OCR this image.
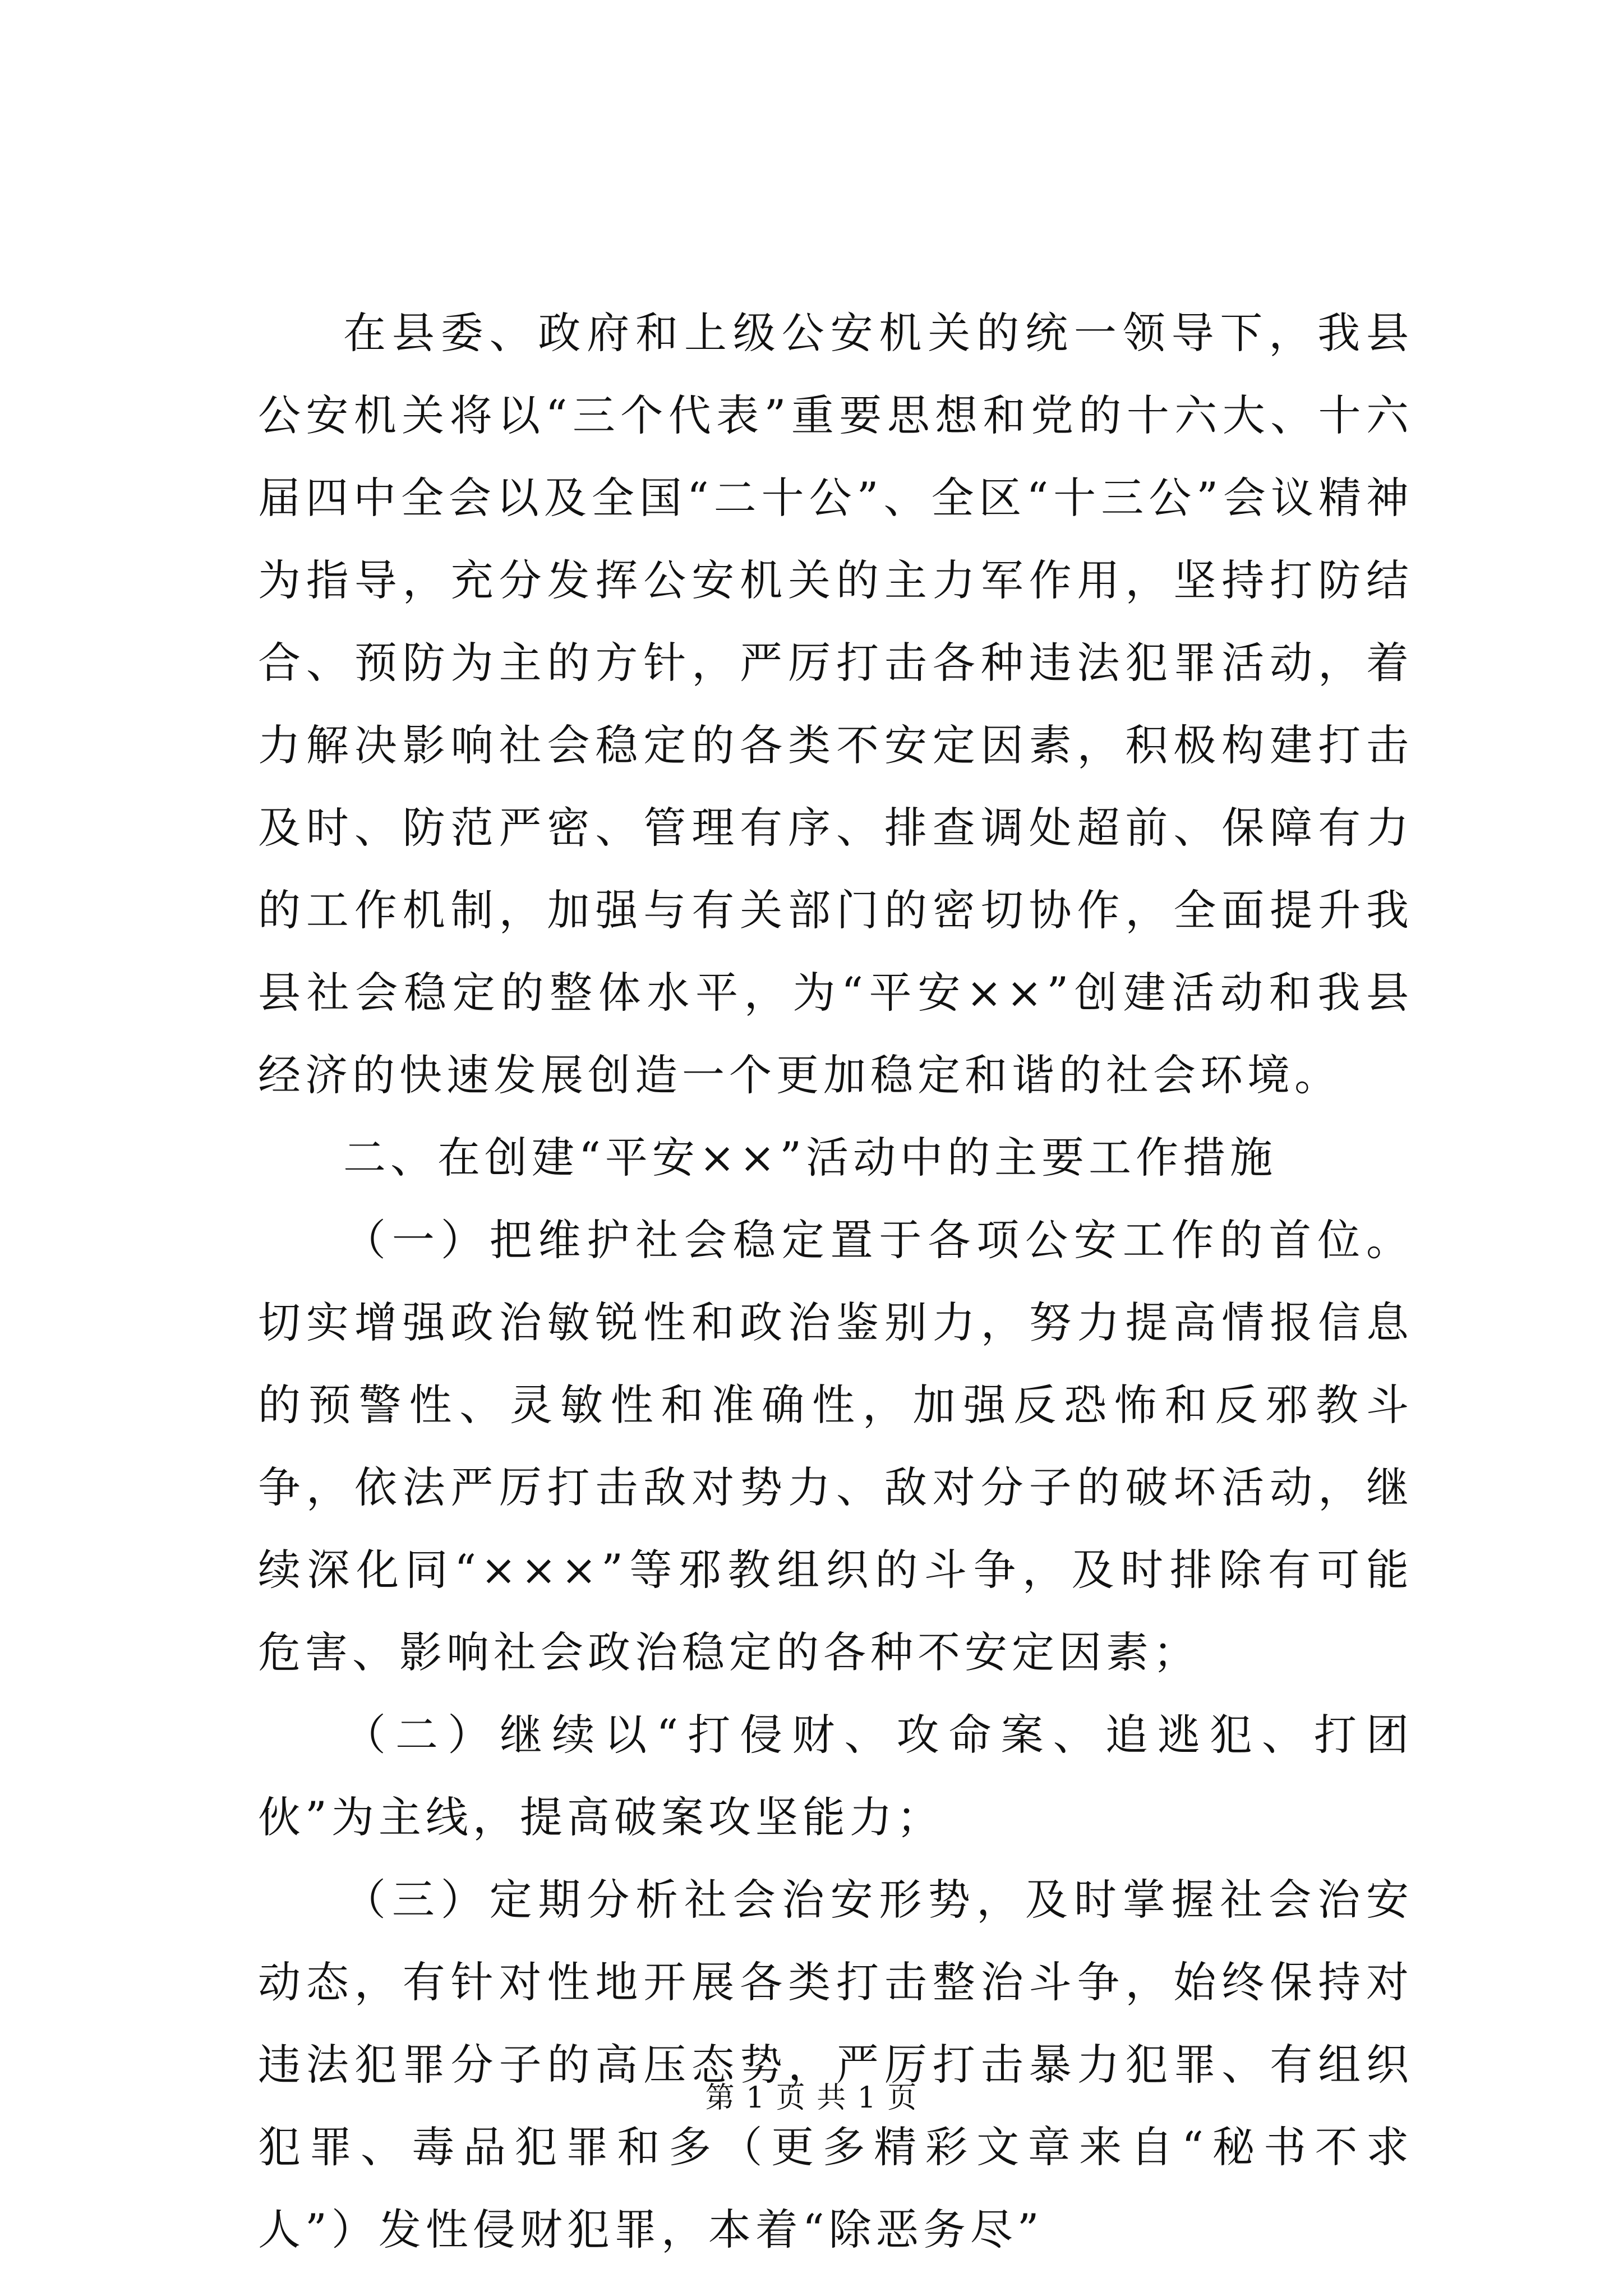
在县委、政府和上级公安机关的统一领导下，我县公安机关将以“三个代表”重要思想和党的十六大、十六届四中全会以及全国“二十公”、全区“十三公”会议精神为指导，充分发挥公安机关的主力军作用，坚持打防结合、预防为主的方针，严厉打击各种违法犯罪活动，着力解决影响社会稳定的各类不安定因素，积极构建打击及时、防范严密、管理有序、排查调处超前、保障有力的工作机制，加强与有关部门的密切协作，全面提升我县社会稳定的整体水平，为“平安××”创建活动和我县经济的快速发展创造一个更加稳定和谐的社会环境。

二、在创建“平安××”活动中的主要工作措施

（一）把维护社会稳定置于各项公安工作的首位。切实增强政治敏锐性和政治鉴别力，努力提高情报信息的预警性、灵敏性和准确性，加强反恐怖和反邪教斗争，依法严厉打击敌对势力、敌对分子的破坏活动，继续深化同“×××”等邪教组织的斗争，及时排除有可能危害、影响社会政治稳定的各种不安定因素；

（二）继续以“打侵财、攻命案、追逃犯、打团伙”为主线，提高破案攻坚能力；

（三）定期分析社会治安形势，及时掌握社会治安动态，有针对性地开展各类打击整治斗争，始终保持对违法犯罪分子的高压态势，严厉打击暴力犯罪、有组织犯罪、毒品犯罪和多（更多精彩文章来自“秘书不求人”）发性侵财犯罪，本着“除恶务尽”

第 1 页 共 1 页
